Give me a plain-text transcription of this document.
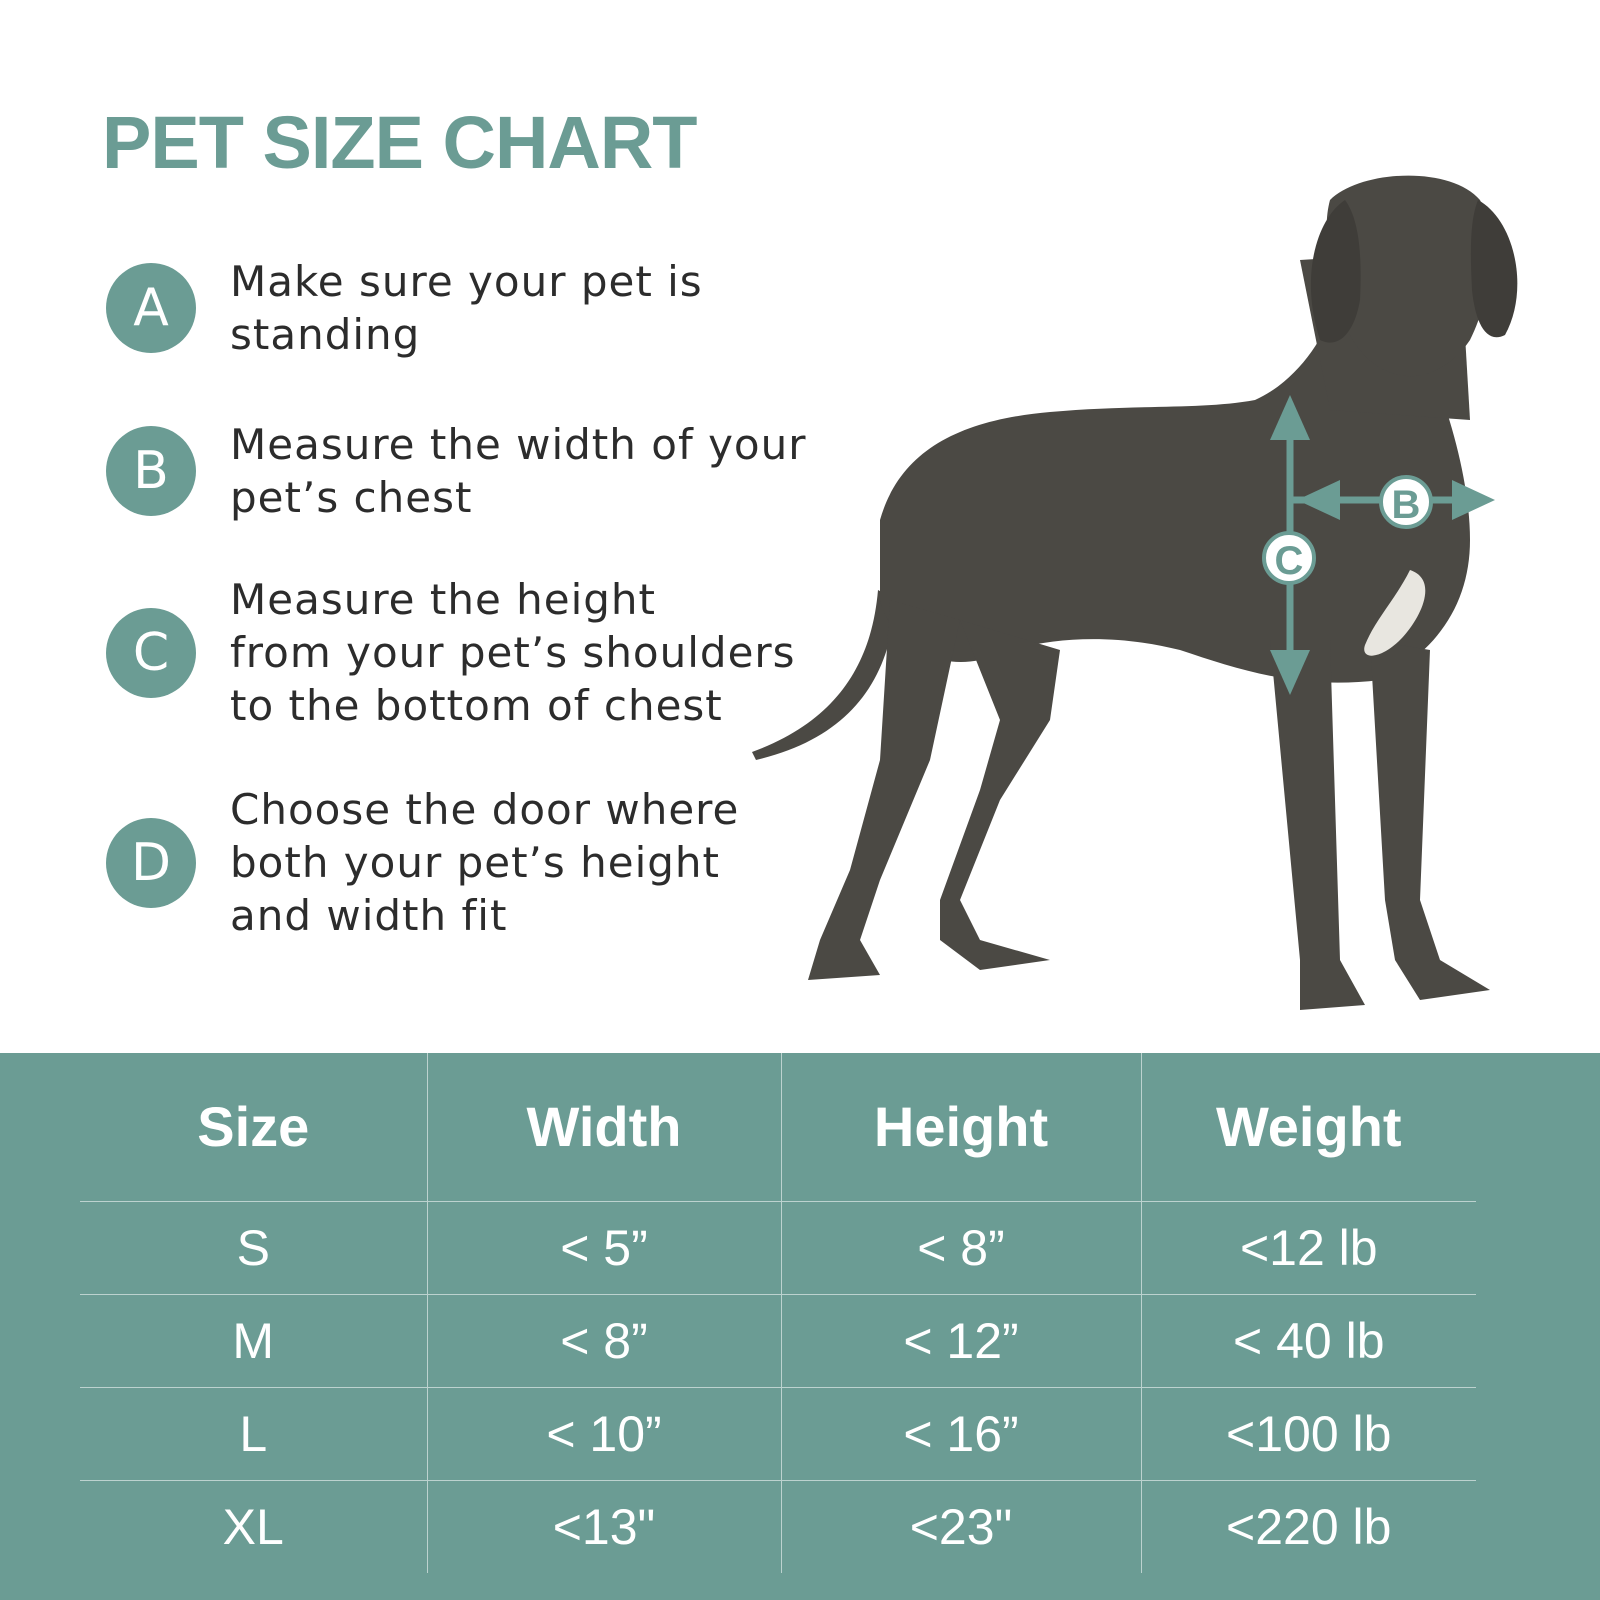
PET SIZE CHART
A	Make sure your pet is
standing
B	Measure the width of your
pet’s chest
C
Measure the height
from your pet’s shoulders
to the bottom of chest
D
Choose the door where
both your pet’s height
and width fit
B
C
Size	Width	Height	Weight
S	< 5”	< 8”	<12 lb
M	< 8”	< 12”	< 40 lb
L	< 10”	< 16”	<100 lb
XL	<13"	<23"	<220 lb
